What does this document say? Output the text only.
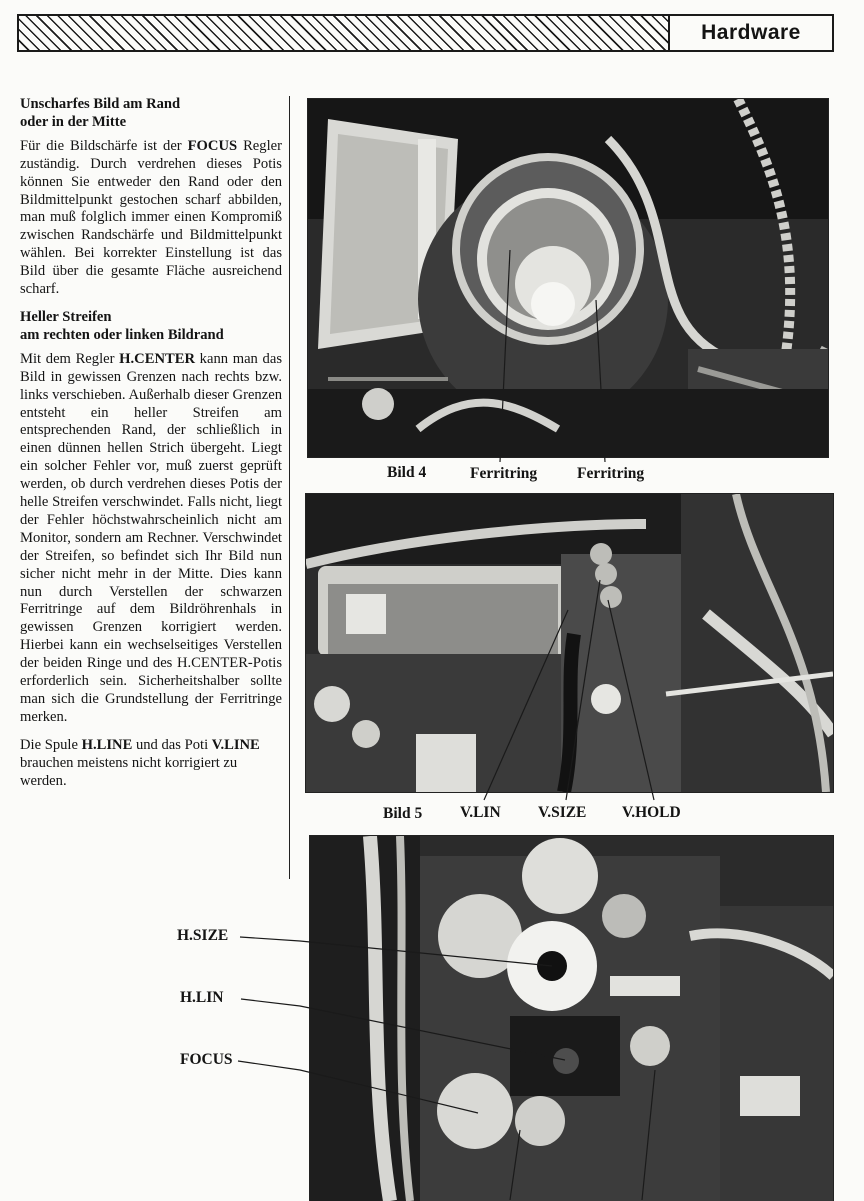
Hardware
Unscharfes Bild am Rand
oder in der Mitte

Für die Bildschärfe ist der FOCUS Regler zuständig. Durch verdrehen dieses Potis können Sie entweder den Rand oder den Bildmittelpunkt gestochen scharf abbilden, man muß folglich immer einen Kompromiß zwischen Randschärfe und Bildmittelpunkt wählen. Bei korrekter Einstellung ist das Bild über die gesamte Fläche ausreichend scharf.

Heller Streifen
am rechten oder linken Bildrand

Mit dem Regler H.CENTER kann man das Bild in gewissen Grenzen nach rechts bzw. links verschieben. Außerhalb dieser Grenzen entsteht ein heller Streifen am entsprechenden Rand, der schließlich in einen dünnen hellen Strich übergeht. Liegt ein solcher Fehler vor, muß zuerst geprüft werden, ob durch verdrehen dieses Potis der helle Streifen verschwindet. Falls nicht, liegt der Fehler höchstwahrscheinlich nicht am Monitor, sondern am Rechner. Verschwindet der Streifen, so befindet sich Ihr Bild nun sicher nicht mehr in der Mitte. Dies kann nun durch Verstellen der schwarzen Ferritringe auf dem Bildröhrenhals in gewissen Grenzen korrigiert werden. Hierbei kann ein wechselseitiges Verstellen der beiden Ringe und des H.CENTER-Potis erforderlich sein. Sicherheitshalber sollte man sich die Grundstellung der Ferritringe merken.

Die Spule H.LINE und das Poti V.LINE brauchen meistens nicht korrigiert zu werden.

Bild 4	Ferritring	Ferritring
Bild 5 V.LIN V.SIZE V.HOLD
H.SIZE
H.LIN
FOCUS
